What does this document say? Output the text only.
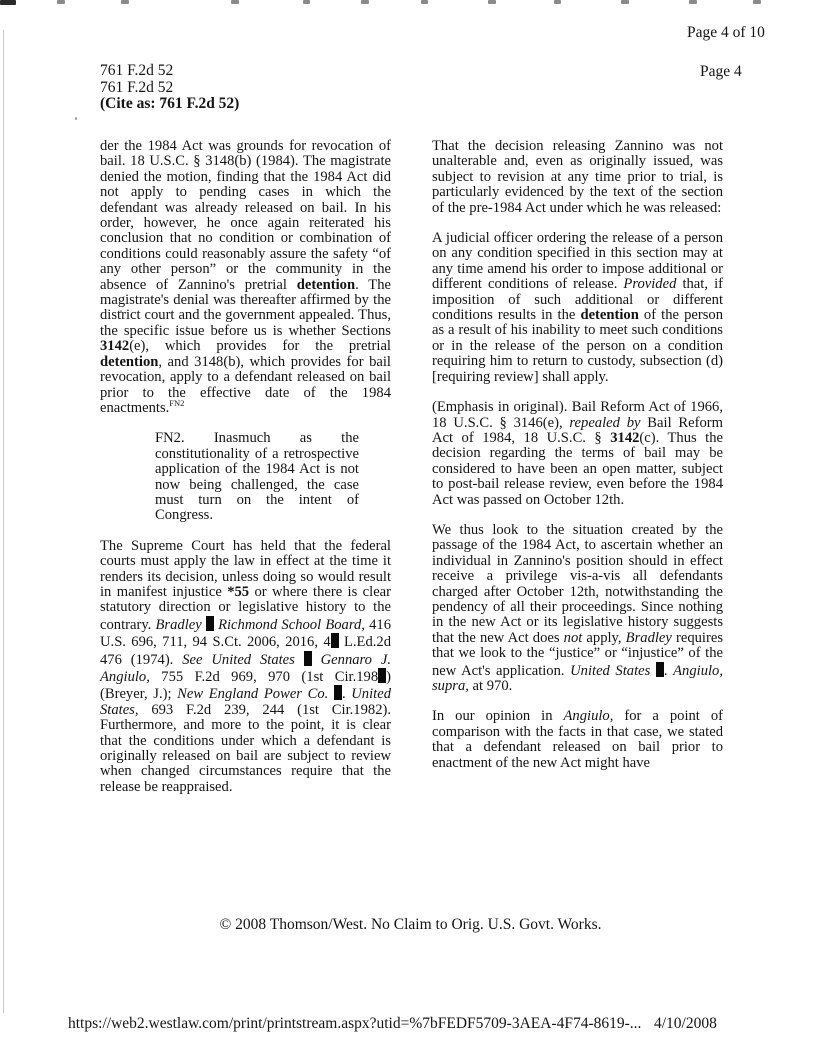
Page 4 of 10
761 F.2d 52
761 F.2d 52
(Cite as: 761 F.2d 52)
Page 4

der the 1984 Act was grounds for revocation of bail. 18 U.S.C. § 3148(b) (1984). The magistrate denied the motion, finding that the 1984 Act did not apply to pending cases in which the defendant was already released on bail. In his order, however, he once again reiterated his conclusion that no condition or combination of conditions could reasonably assure the safety “of any other person” or the community in the absence of Zannino's pretrial detention. The magistrate's denial was thereafter affirmed by the district court and the government appealed. Thus, the specific issue before us is whether Sections 3142(e), which provides for the pretrial detention, and 3148(b), which provides for bail revocation, apply to a defendant released on bail prior to the effective date of the 1984 enactments.$^{FN2}$

FN2. Inasmuch as the constitutionality of a retrospective application of the 1984 Act is not now being challenged, the case must turn on the intent of Congress.

The Supreme Court has held that the federal courts must apply the law in effect at the time it renders its decision, unless doing so would result in manifest injustice *55 or where there is clear statutory direction or legislative history to the contrary. Bradley Richmond School Board, 416 U.S. 696, 711, 94 S.Ct. 2006, 2016, 4 L.Ed.2d 476 (1974). See United States Gennaro J. Angiulo, 755 F.2d 969, 970 (1st Cir.198 ) (Breyer, J.); New England Power Co. . United States, 693 F.2d 239, 244 (1st Cir.1982). Furthermore, and more to the point, it is clear that the conditions under which a defendant is originally released on bail are subject to review when changed circumstances require that the release be reappraised.

That the decision releasing Zannino was not unalterable and, even as originally issued, was subject to revision at any time prior to trial, is particularly evidenced by the text of the section of the pre-1984 Act under which he was released:

A judicial officer ordering the release of a person on any condition specified in this section may at any time amend his order to impose additional or different conditions of release. Provided that, if imposition of such additional or different conditions results in the detention of the person as a result of his inability to meet such conditions or in the release of the person on a condition requiring him to return to custody, subsection (d) [requiring review] shall apply.

(Emphasis in original). Bail Reform Act of 1966, 18 U.S.C. § 3146(e), repealed by Bail Reform Act of 1984, 18 U.S.C. § 3142(c). Thus the decision regarding the terms of bail may be considered to have been an open matter, subject to post-bail release review, even before the 1984 Act was passed on October 12th.

We thus look to the situation created by the passage of the 1984 Act, to ascertain whether an individual in Zannino's position should in effect receive a privilege vis-a-vis all defendants charged after October 12th, notwithstanding the pendency of all their proceedings. Since nothing in the new Act or its legislative history suggests that the new Act does not apply, Bradley requires that we look to the “justice” or “injustice” of the new Act's application. United States . Angiulo, supra, at 970.

In our opinion in Angiulo, for a point of comparison with the facts in that case, we stated that a defendant released on bail prior to enactment of the new Act might have

© 2008 Thomson/West. No Claim to Orig. U.S. Govt. Works.
https://web2.westlaw.com/print/printstream.aspx?utid=%7bFEDF5709-3AEA-4F74-8619-... 4/10/2008
